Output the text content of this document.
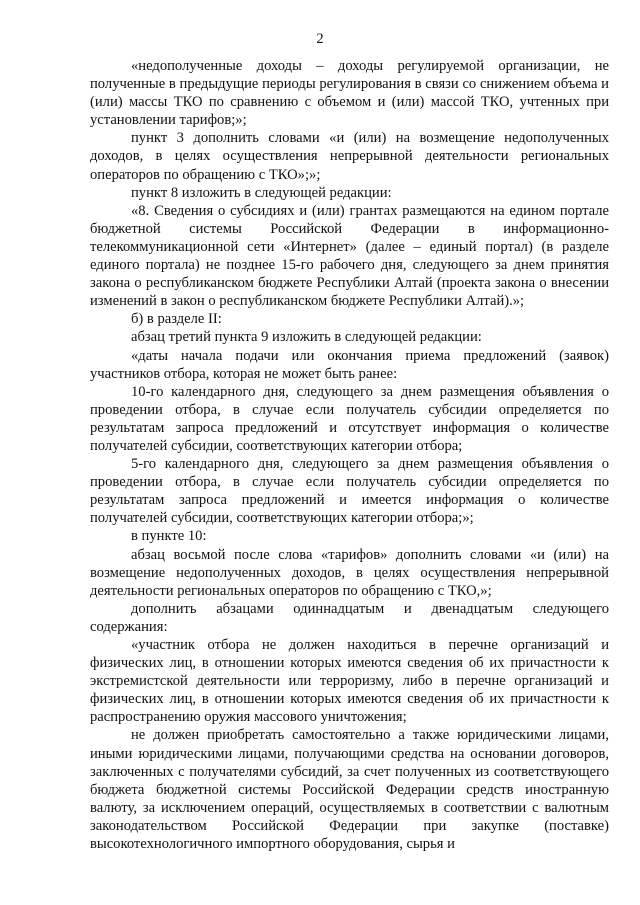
2

«недополученные доходы – доходы регулируемой организации, не полученные в предыдущие периоды регулирования в связи со снижением объема и (или) массы ТКО по сравнению с объемом и (или) массой ТКО, учтенных при установлении тарифов;»;

пункт 3 дополнить словами «и (или) на возмещение недополученных доходов, в целях осуществления непрерывной деятельности региональных операторов по обращению с ТКО»;»;

пункт 8 изложить в следующей редакции:

«8. Сведения о субсидиях и (или) грантах размещаются на едином портале бюджетной системы Российской Федерации в информационно-телекоммуникационной сети «Интернет» (далее – единый портал) (в разделе единого портала) не позднее 15-го рабочего дня, следующего за днем принятия закона о республиканском бюджете Республики Алтай (проекта закона о внесении изменений в закон о республиканском бюджете Республики Алтай).»;

б) в разделе II:

абзац третий пункта 9 изложить в следующей редакции:

«даты начала подачи или окончания приема предложений (заявок) участников отбора, которая не может быть ранее:

10-го календарного дня, следующего за днем размещения объявления о проведении отбора, в случае если получатель субсидии определяется по результатам запроса предложений и отсутствует информация о количестве получателей субсидии, соответствующих категории отбора;

5-го календарного дня, следующего за днем размещения объявления о проведении отбора, в случае если получатель субсидии определяется по результатам запроса предложений и имеется информация о количестве получателей субсидии, соответствующих категории отбора;»;

в пункте 10:

абзац восьмой после слова «тарифов» дополнить словами «и (или) на возмещение недополученных доходов, в целях осуществления непрерывной деятельности региональных операторов по обращению с ТКО,»;

дополнить абзацами одиннадцатым и двенадцатым следующего содержания:

«участник отбора не должен находиться в перечне организаций и физических лиц, в отношении которых имеются сведения об их причастности к экстремистской деятельности или терроризму, либо в перечне организаций и физических лиц, в отношении которых имеются сведения об их причастности к распространению оружия массового уничтожения;

не должен приобретать самостоятельно а также юридическими лицами, иными юридическими лицами, получающими средства на основании договоров, заключенных с получателями субсидий, за счет полученных из соответствующего бюджета бюджетной системы Российской Федерации средств иностранную валюту, за исключением операций, осуществляемых в соответствии с валютным законодательством Российской Федерации при закупке (поставке) высокотехнологичного импортного оборудования, сырья и
